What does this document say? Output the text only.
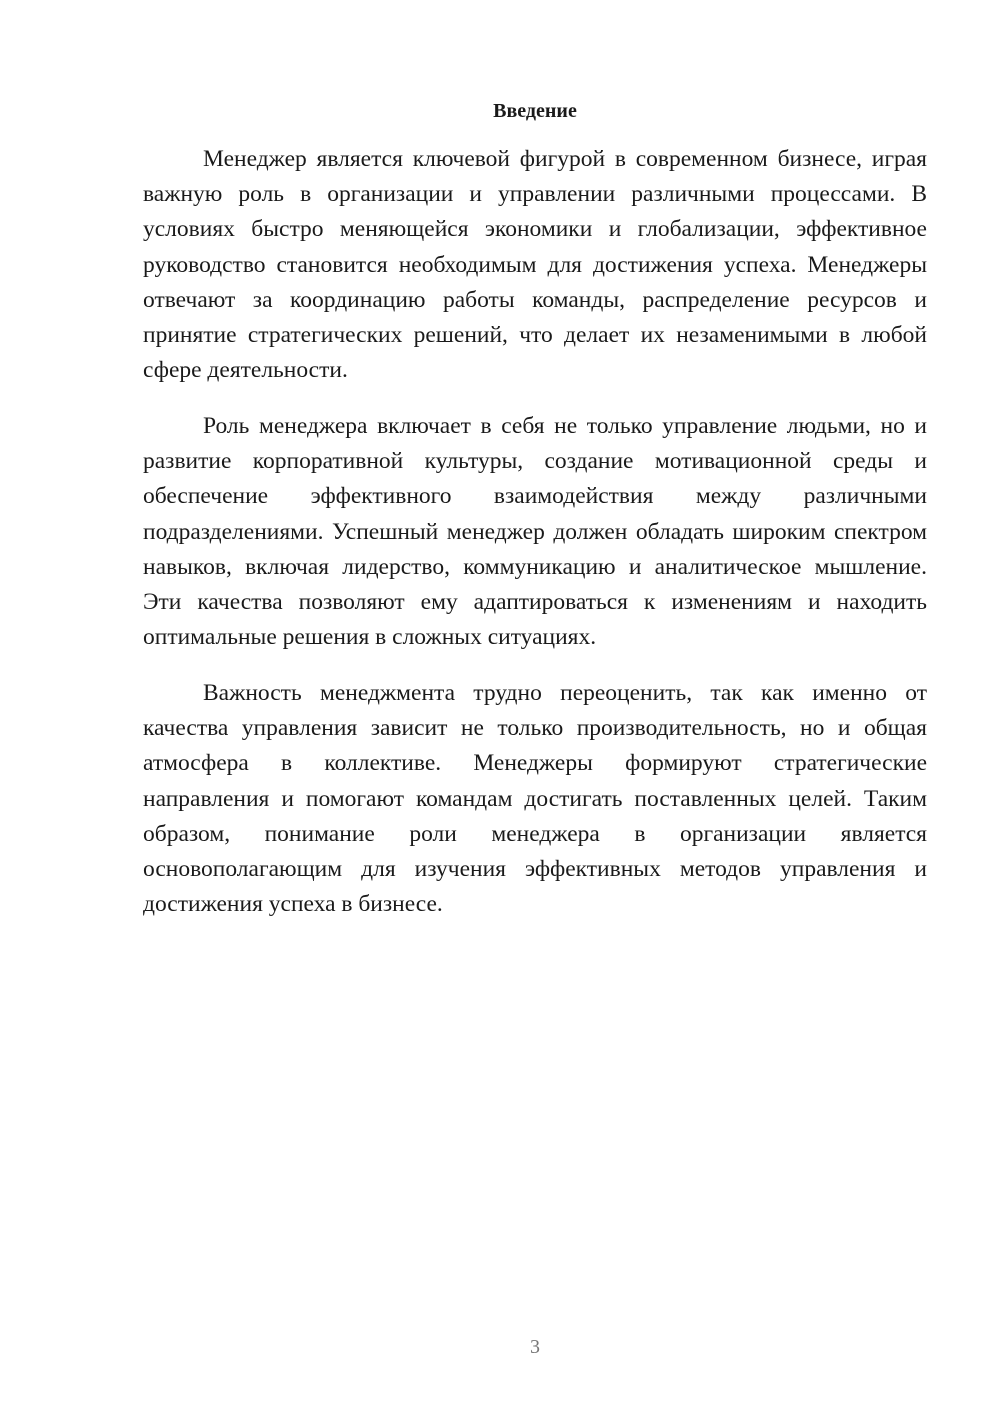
Введение

Менеджер является ключевой фигурой в современном бизнесе, играя важную роль в организации и управлении различными процессами. В условиях быстро меняющейся экономики и глобализации, эффективное руководство становится необходимым для достижения успеха. Менеджеры отвечают за координацию работы команды, распределение ресурсов и принятие стратегических решений, что делает их незаменимыми в любой сфере деятельности.

Роль менеджера включает в себя не только управление людьми, но и развитие корпоративной культуры, создание мотивационной среды и обеспечение эффективного взаимодействия между различными подразделениями. Успешный менеджер должен обладать широким спектром навыков, включая лидерство, коммуникацию и аналитическое мышление. Эти качества позволяют ему адаптироваться к изменениям и находить оптимальные решения в сложных ситуациях.

Важность менеджмента трудно переоценить, так как именно от качества управления зависит не только производительность, но и общая атмосфера в коллективе. Менеджеры формируют стратегические направления и помогают командам достигать поставленных целей. Таким образом, понимание роли менеджера в организации является основополагающим для изучения эффективных методов управления и достижения успеха в бизнесе.

3
